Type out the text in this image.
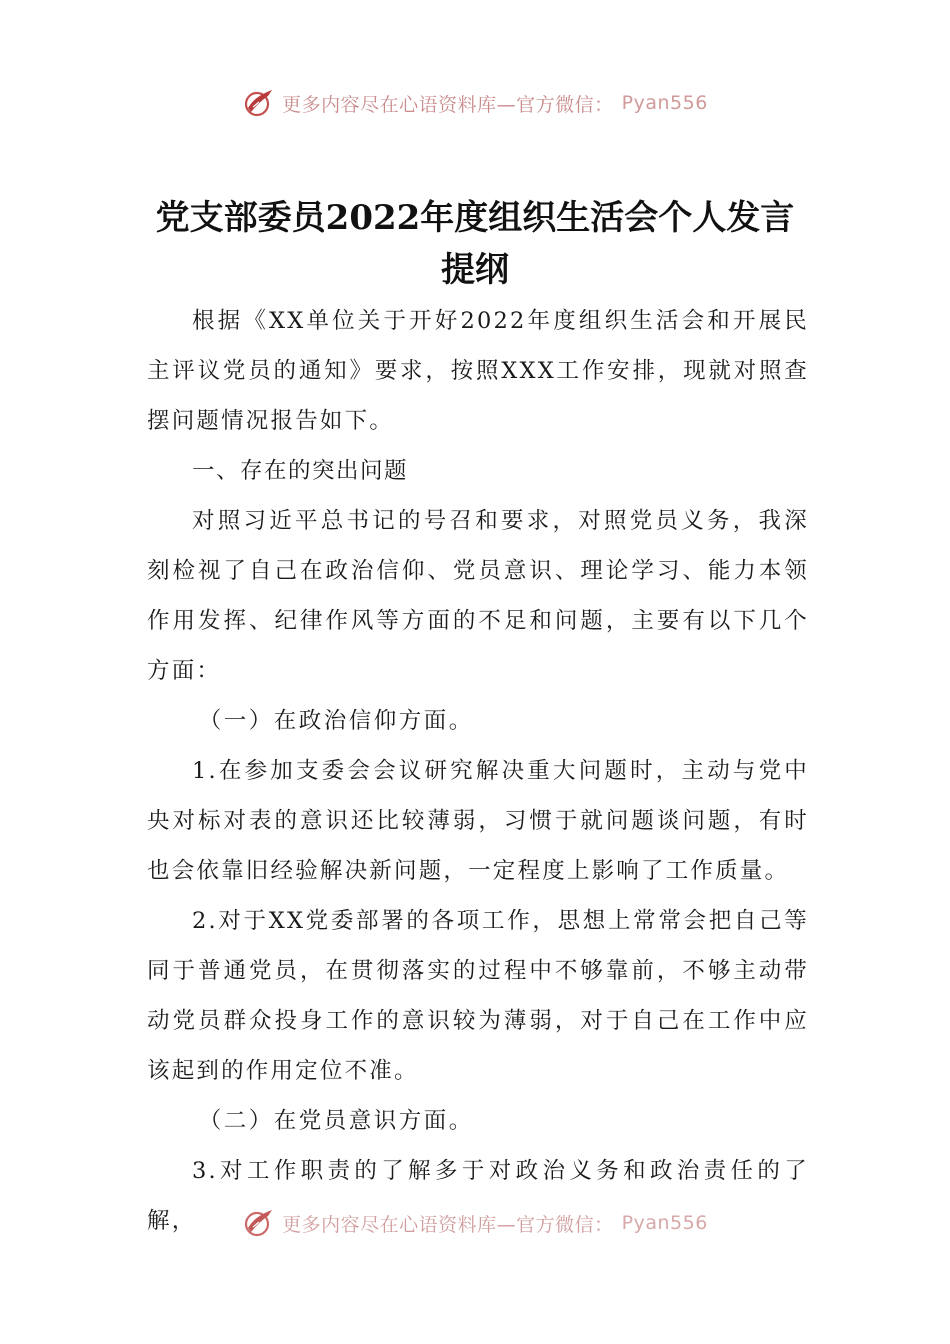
更多内容尽在心语资料库—官方微信： Pyan556
党支部委员2022年度组织生活会个人发言
提纲

根据《XX单位关于开好2022年度组织生活会和开展民主评议党员的通知》要求，按照XXX工作安排，现就对照查摆问题情况报告如下。

一、存在的突出问题

对照习近平总书记的号召和要求，对照党员义务，我深刻检视了自己在政治信仰、党员意识、理论学习、能力本领作用发挥、纪律作风等方面的不足和问题，主要有以下几个方面：

（一）在政治信仰方面。

1.在参加支委会会议研究解决重大问题时，主动与党中央对标对表的意识还比较薄弱，习惯于就问题谈问题，有时也会依靠旧经验解决新问题，一定程度上影响了工作质量。

2.对于XX党委部署的各项工作，思想上常常会把自己等同于普通党员，在贯彻落实的过程中不够靠前，不够主动带动党员群众投身工作的意识较为薄弱，对于自己在工作中应该起到的作用定位不准。

（二）在党员意识方面。

3.对工作职责的了解多于对政治义务和政治责任的了解，	更多内容尽在心语资料库—官方微信： Pyan556
